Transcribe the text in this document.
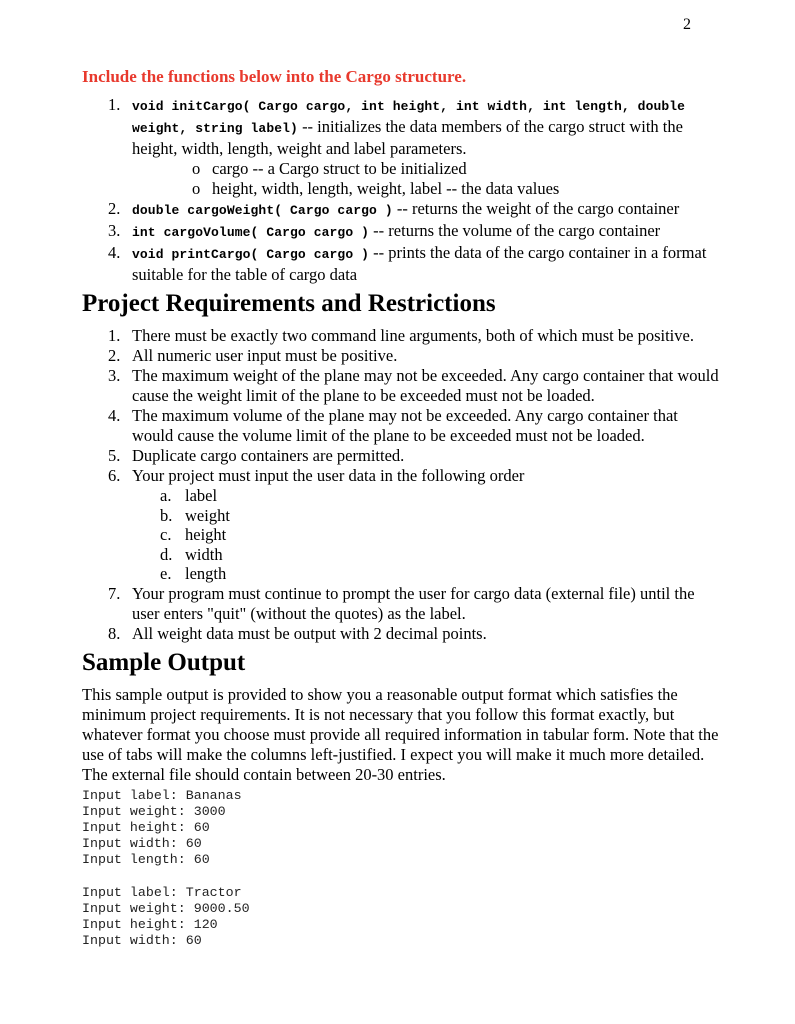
2
Include the functions below into the Cargo structure.
1. void initCargo( Cargo cargo, int height, int width, int length, double weight, string label) -- initializes the data members of the cargo struct with the height, width, length, weight and label parameters.
o cargo -- a Cargo struct to be initialized
o height, width, length, weight, label -- the data values
2. double cargoWeight( Cargo cargo ) -- returns the weight of the cargo container
3. int cargoVolume( Cargo cargo ) -- returns the volume of the cargo container
4. void printCargo( Cargo cargo ) -- prints the data of the cargo container in a format suitable for the table of cargo data
Project Requirements and Restrictions
1. There must be exactly two command line arguments, both of which must be positive.
2. All numeric user input must be positive.
3. The maximum weight of the plane may not be exceeded. Any cargo container that would cause the weight limit of the plane to be exceeded must not be loaded.
4. The maximum volume of the plane may not be exceeded. Any cargo container that would cause the volume limit of the plane to be exceeded must not be loaded.
5. Duplicate cargo containers are permitted.
6. Your project must input the user data in the following order
a. label
b. weight
c. height
d. width
e. length
7. Your program must continue to prompt the user for cargo data (external file) until the user enters "quit" (without the quotes) as the label.
8. All weight data must be output with 2 decimal points.
Sample Output

This sample output is provided to show you a reasonable output format which satisfies the minimum project requirements. It is not necessary that you follow this format exactly, but whatever format you choose must provide all required information in tabular form. Note that the use of tabs will make the columns left-justified. I expect you will make it much more detailed. The external file should contain between 20-30 entries.

Input label: Bananas
Input weight: 3000
Input height: 60
Input width: 60
Input length: 60
Input label: Tractor
Input weight: 9000.50
Input height: 120
Input width: 60
